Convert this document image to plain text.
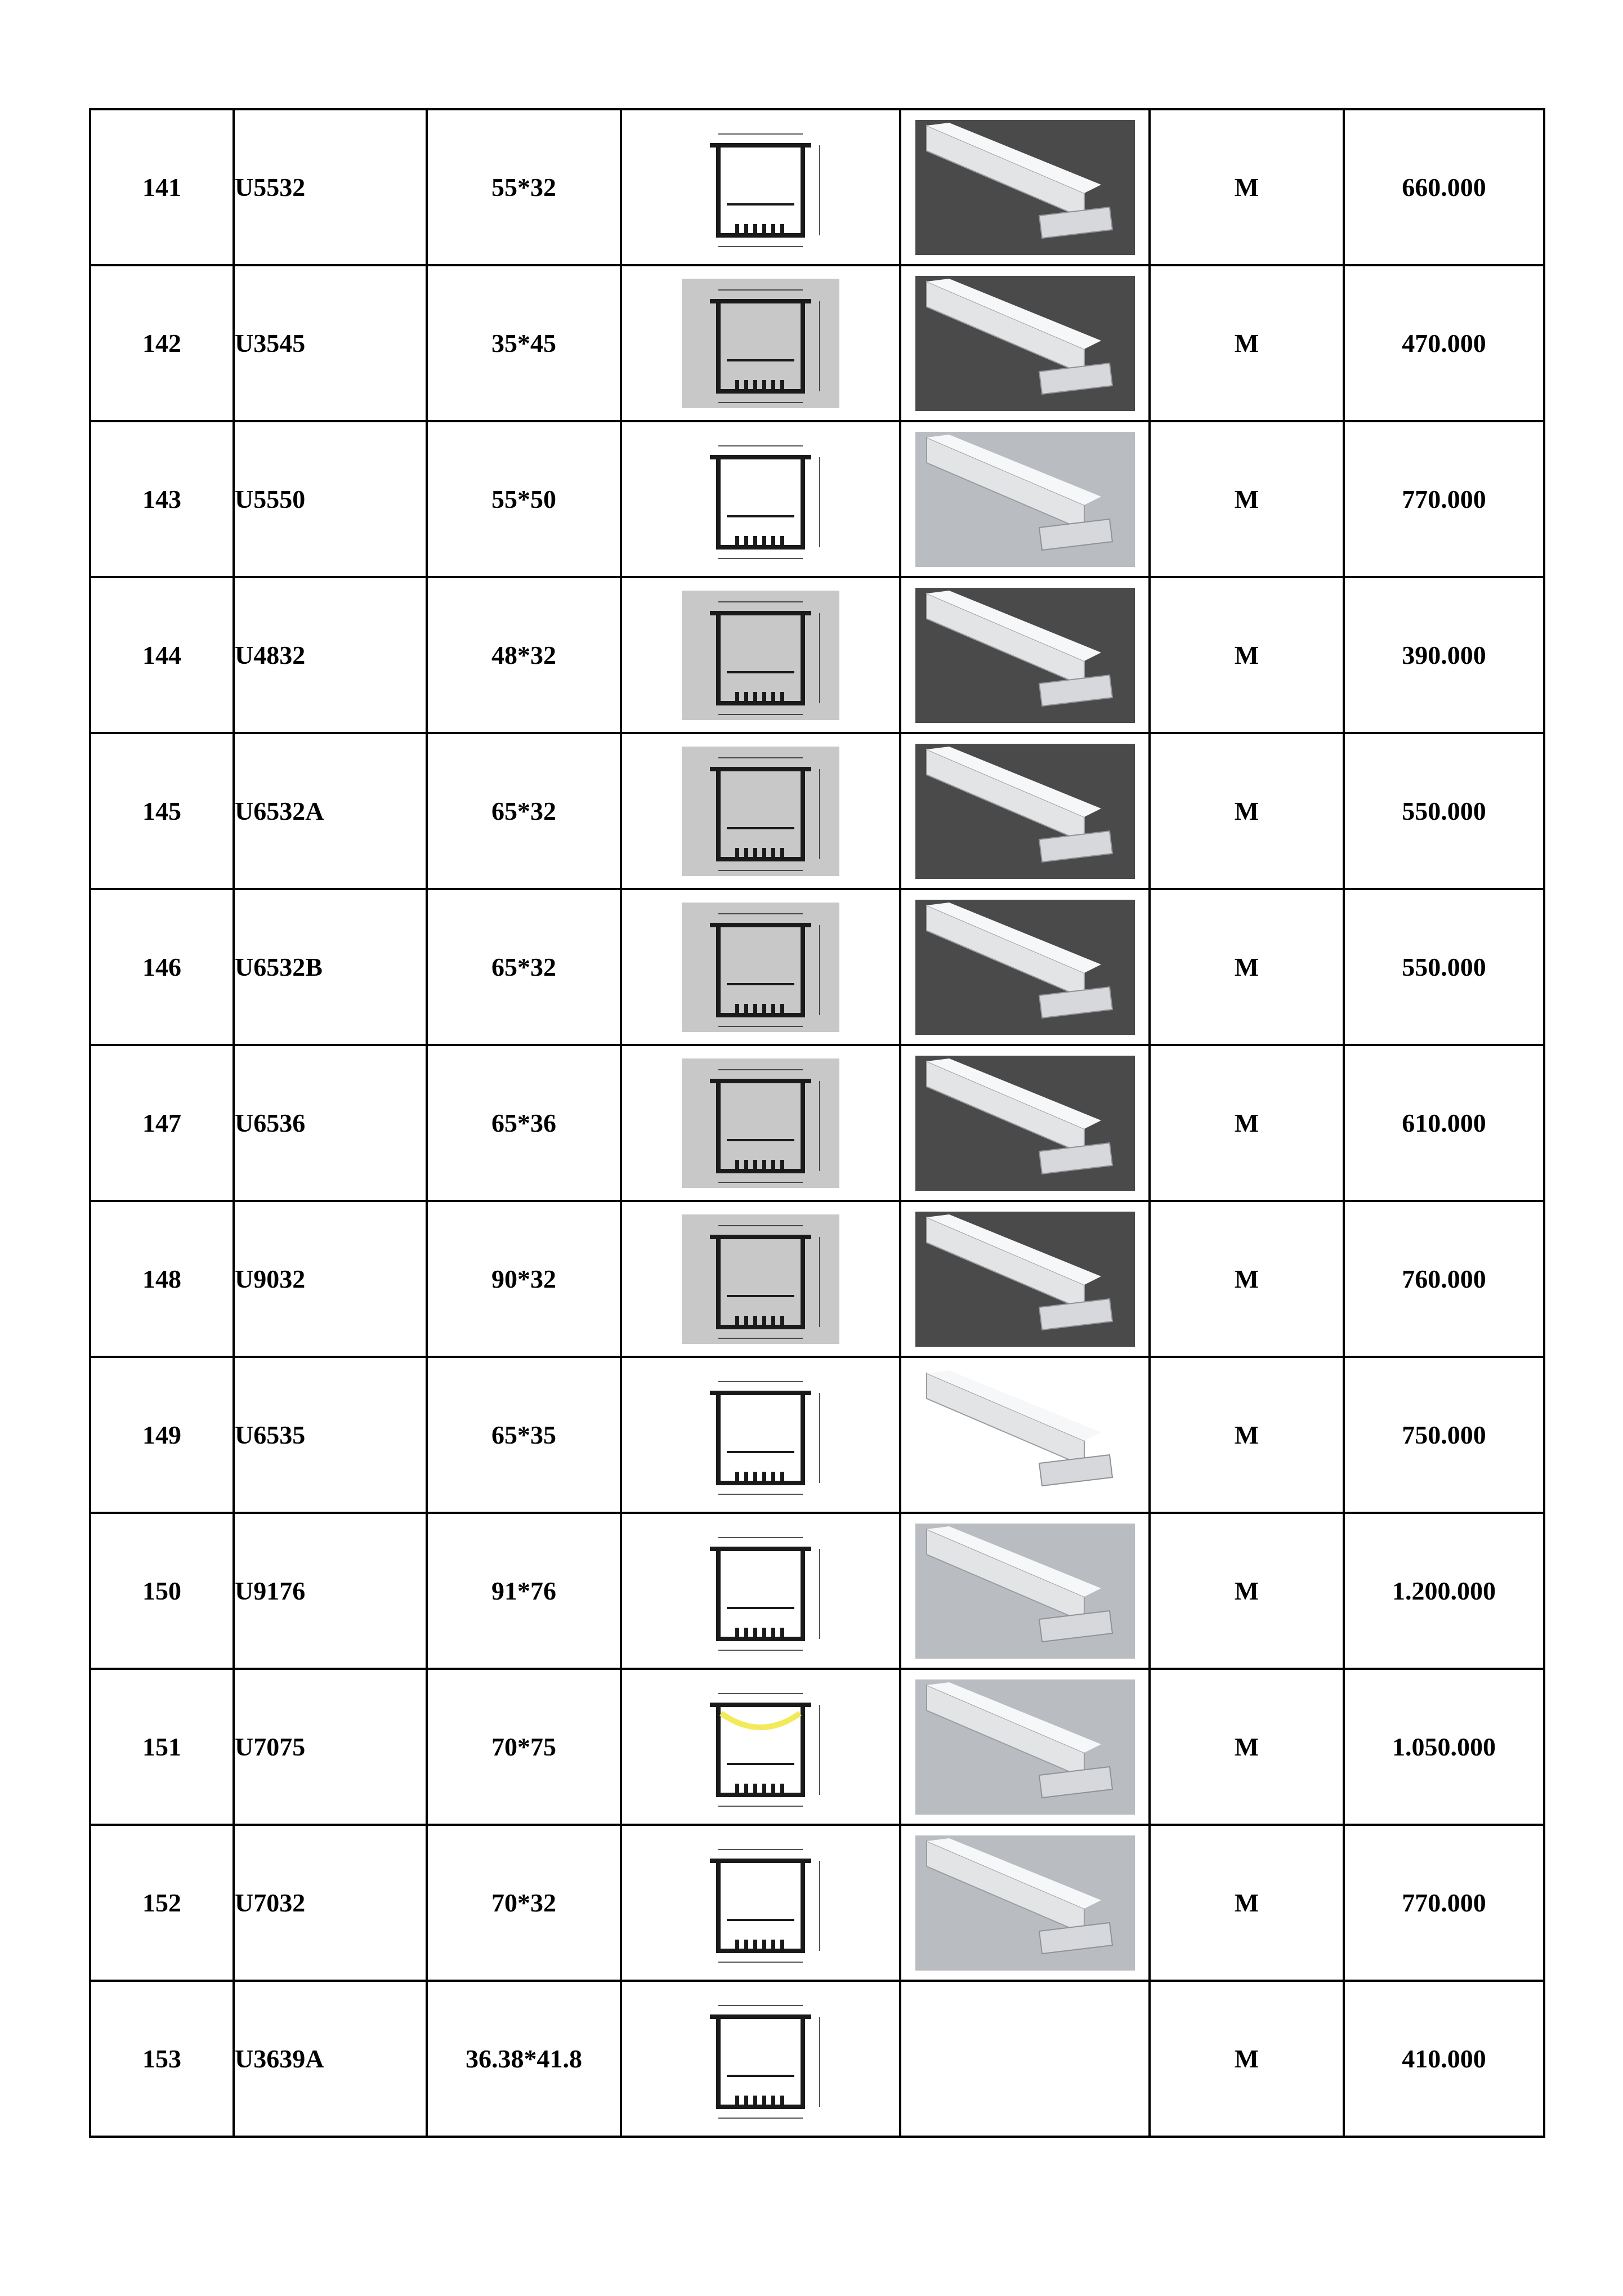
141	U5532	55*32			M	660.000
142	U3545	35*45			M	470.000
143	U5550	55*50			M	770.000
144	U4832	48*32			M	390.000
145	U6532A	65*32			M	550.000
146	U6532B	65*32			M	550.000
147	U6536	65*36			M	610.000
148	U9032	90*32			M	760.000
149	U6535	65*35			M	750.000
150	U9176	91*76			M	1.200.000
151	U7075	70*75			M	1.050.000
152	U7032	70*32			M	770.000
153	U3639A	36.38*41.8			M	410.000
